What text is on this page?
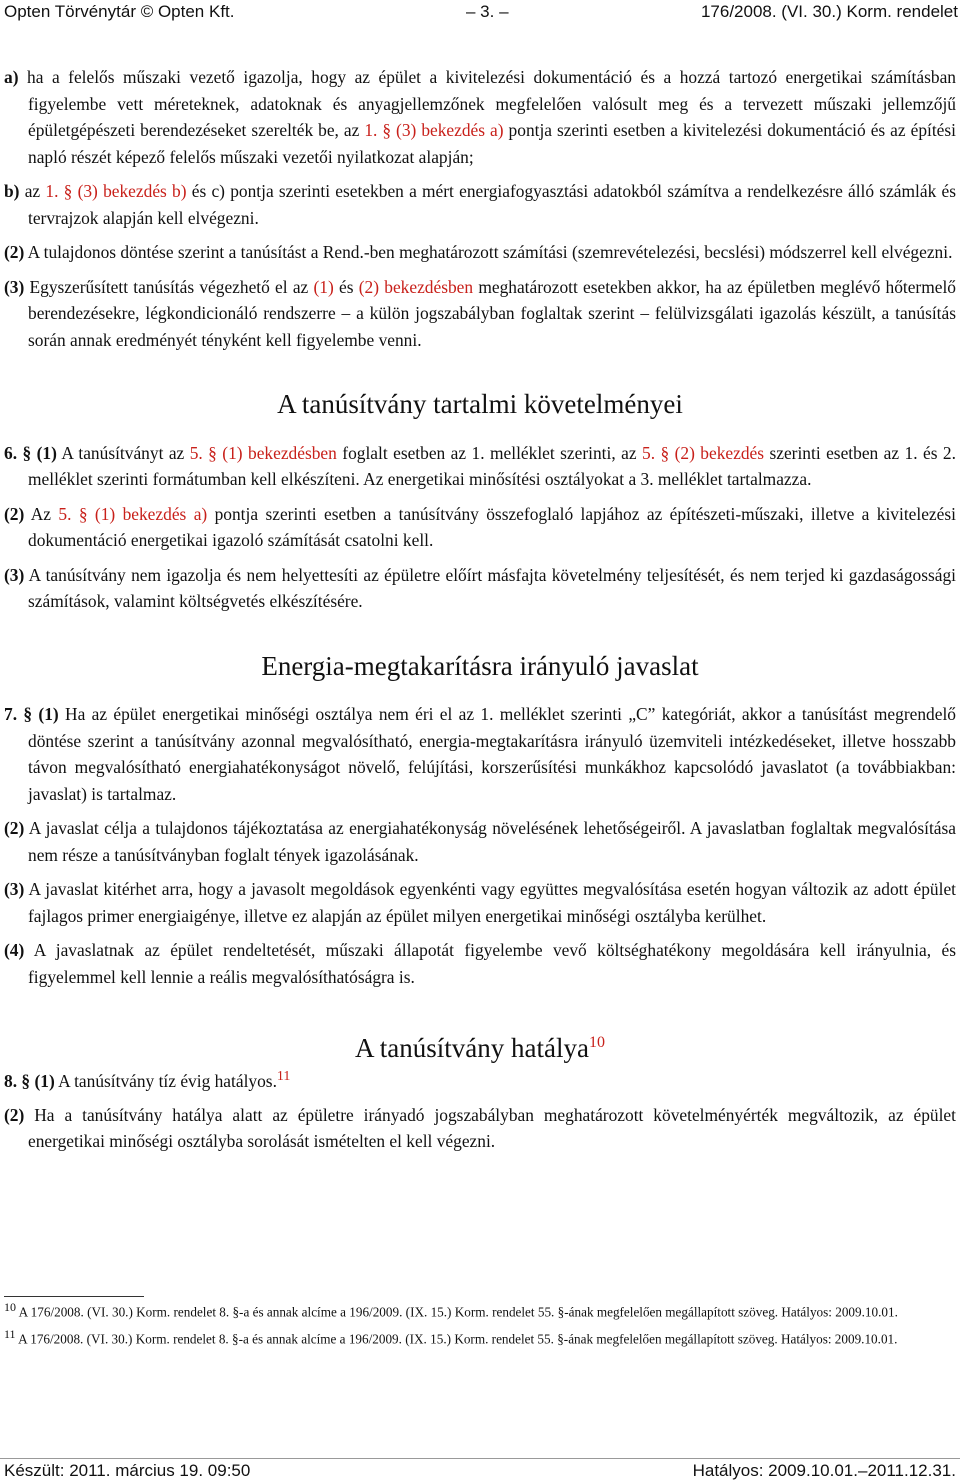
Opten Törvénytár © Opten Kft.	– 3. –	176/2008. (VI. 30.) Korm. rendelet

a) ha a felelős műszaki vezető igazolja, hogy az épület a kivitelezési dokumentáció és a hozzá tartozó energetikai számításban figyelembe vett méreteknek, adatoknak és anyagjellemzőnek megfelelően valósult meg és a tervezett műszaki jellemzőjű épületgépészeti berendezéseket szerelték be, az 1. § (3) bekezdés a) pontja szerinti esetben a kivitelezési dokumentáció és az építési napló részét képező felelős műszaki vezetői nyilatkozat alapján;

b) az 1. § (3) bekezdés b) és c) pontja szerinti esetekben a mért energiafogyasztási adatokból számítva a rendelkezésre álló számlák és tervrajzok alapján kell elvégezni.

(2) A tulajdonos döntése szerint a tanúsítást a Rend.-ben meghatározott számítási (szemrevételezési, becslési) módszerrel kell elvégezni.

(3) Egyszerűsített tanúsítás végezhető el az (1) és (2) bekezdésben meghatározott esetekben akkor, ha az épületben meglévő hőtermelő berendezésekre, légkondicionáló rendszerre – a külön jogszabályban foglaltak szerint – felülvizsgálati igazolás készült, a tanúsítás során annak eredményét tényként kell figyelembe venni.

A tanúsítvány tartalmi követelményei

6. § (1) A tanúsítványt az 5. § (1) bekezdésben foglalt esetben az 1. melléklet szerinti, az 5. § (2) bekezdés szerinti esetben az 1. és 2. melléklet szerinti formátumban kell elkészíteni. Az energetikai minősítési osztályokat a 3. melléklet tartalmazza.

(2) Az 5. § (1) bekezdés a) pontja szerinti esetben a tanúsítvány összefoglaló lapjához az építészeti-műszaki, illetve a kivitelezési dokumentáció energetikai igazoló számítását csatolni kell.

(3) A tanúsítvány nem igazolja és nem helyettesíti az épületre előírt másfajta követelmény teljesítését, és nem terjed ki gazdaságossági számítások, valamint költségvetés elkészítésére.

Energia-megtakarításra irányuló javaslat

7. § (1) Ha az épület energetikai minőségi osztálya nem éri el az 1. melléklet szerinti „C” kategóriát, akkor a tanúsítást megrendelő döntése szerint a tanúsítvány azonnal megvalósítható, energia-megtakarításra irányuló üzemviteli intézkedéseket, illetve hosszabb távon megvalósítható energiahatékonyságot növelő, felújítási, korszerűsítési munkákhoz kapcsolódó javaslatot (a továbbiakban: javaslat) is tartalmaz.

(2) A javaslat célja a tulajdonos tájékoztatása az energiahatékonyság növelésének lehetőségeiről. A javaslatban foglaltak megvalósítása nem része a tanúsítványban foglalt tények igazolásának.

(3) A javaslat kitérhet arra, hogy a javasolt megoldások egyenkénti vagy együttes megvalósítása esetén hogyan változik az adott épület fajlagos primer energiaigénye, illetve ez alapján az épület milyen energetikai minőségi osztályba kerülhet.

(4) A javaslatnak az épület rendeltetését, műszaki állapotát figyelembe vevő költséghatékony megoldására kell irányulnia, és figyelemmel kell lennie a reális megvalósíthatóságra is.

A tanúsítvány hatálya$^{10}$

8. § (1) A tanúsítvány tíz évig hatályos.$^{11}$

(2) Ha a tanúsítvány hatálya alatt az épületre irányadó jogszabályban meghatározott követelményérték megváltozik, az épület energetikai minőségi osztályba sorolását ismételten el kell végezni.

$^{10}$ A 176/2008. (VI. 30.) Korm. rendelet 8. §-a és annak alcíme a 196/2009. (IX. 15.) Korm. rendelet 55. §-ának megfelelően megállapított szöveg. Hatályos: 2009.10.01.

$^{11}$ A 176/2008. (VI. 30.) Korm. rendelet 8. §-a és annak alcíme a 196/2009. (IX. 15.) Korm. rendelet 55. §-ának megfelelően megállapított szöveg. Hatályos: 2009.10.01.

Készült: 2011. március 19. 09:50	Hatályos: 2009.10.01.–2011.12.31.
